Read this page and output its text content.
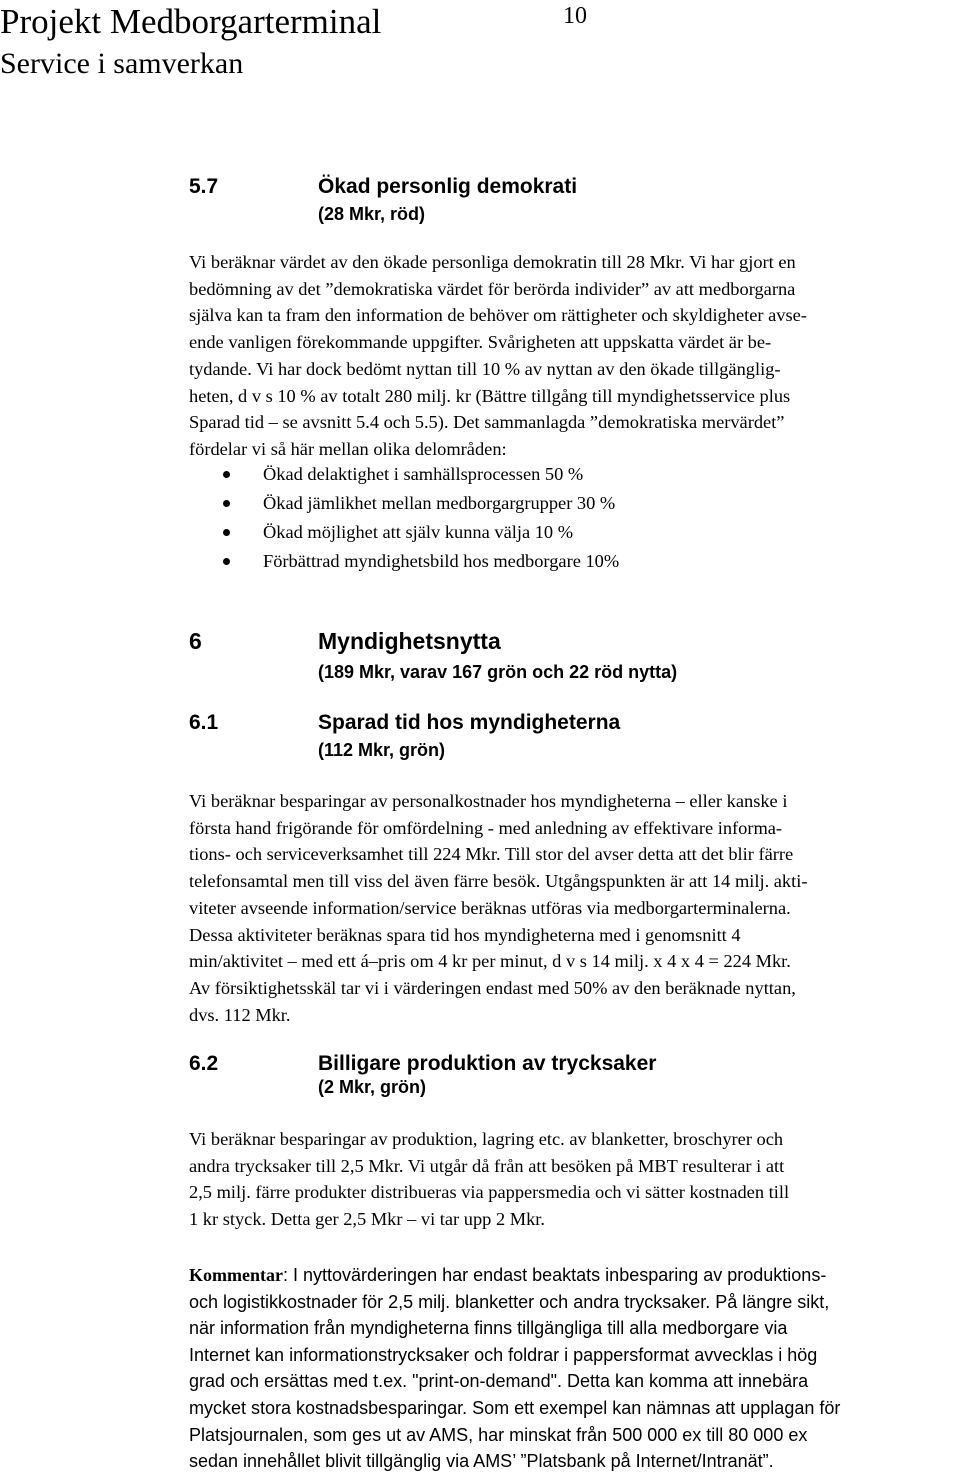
Projekt Medborgarterminal
Service i samverkan
10
5.7	Ökad personlig demokrati
(28 Mkr, röd)
Vi beräknar värdet av den ökade personliga demokratin till 28 Mkr. Vi har gjort en
bedömning av det ”demokratiska värdet för berörda individer” av att medborgarna
själva kan ta fram den information de behöver om rättigheter och skyldigheter avse-
ende vanligen förekommande uppgifter. Svårigheten att uppskatta värdet är be-
tydande. Vi har dock bedömt nyttan till 10 % av nyttan av den ökade tillgänglig-
heten, d v s 10 % av totalt 280 milj. kr (Bättre tillgång till myndighetsservice plus
Sparad tid – se avsnitt 5.4 och 5.5). Det sammanlagda ”demokratiska mervärdet”
fördelar vi så här mellan olika delområden:
Ökad delaktighet i samhällsprocessen 50 %
Ökad jämlikhet mellan medborgargrupper 30 %
Ökad möjlighet att själv kunna välja 10 %
Förbättrad myndighetsbild hos medborgare 10%
6	Myndighetsnytta
(189 Mkr, varav 167 grön och 22 röd nytta)
6.1	Sparad tid hos myndigheterna
(112 Mkr, grön)
Vi beräknar besparingar av personalkostnader hos myndigheterna – eller kanske i
första hand frigörande för omfördelning - med anledning av effektivare informa-
tions- och serviceverksamhet till 224 Mkr. Till stor del avser detta att det blir färre
telefonsamtal men till viss del även färre besök. Utgångspunkten är att 14 milj. akti-
viteter avseende information/service beräknas utföras via medborgarterminalerna.
Dessa aktiviteter beräknas spara tid hos myndigheterna med i genomsnitt 4
min/aktivitet – med ett á–pris om 4 kr per minut, d v s 14 milj. x 4 x 4 = 224 Mkr.
Av försiktighetsskäl tar vi i värderingen endast med 50% av den beräknade nyttan,
dvs. 112 Mkr.
6.2	Billigare produktion av trycksaker
(2 Mkr, grön)
Vi beräknar besparingar av produktion, lagring etc. av blanketter, broschyrer och
andra trycksaker till 2,5 Mkr. Vi utgår då från att besöken på MBT resulterar i att
2,5 milj. färre produkter distribueras via pappersmedia och vi sätter kostnaden till
1 kr styck. Detta ger 2,5 Mkr – vi tar upp 2 Mkr.
Kommentar: I nyttovärderingen har endast beaktats inbesparing av produktions-
och logistikkostnader för 2,5 milj. blanketter och andra trycksaker. På längre sikt,
när information från myndigheterna finns tillgängliga till alla medborgare via
Internet kan informationstrycksaker och foldrar i pappersformat avvecklas i hög
grad och ersättas med t.ex. "print-on-demand". Detta kan komma att innebära
mycket stora kostnadsbesparingar. Som ett exempel kan nämnas att upplagan för
Platsjournalen, som ges ut av AMS, har minskat från 500 000 ex till 80 000 ex
sedan innehållet blivit tillgänglig via AMS’ ”Platsbank på Internet/Intranät”.
